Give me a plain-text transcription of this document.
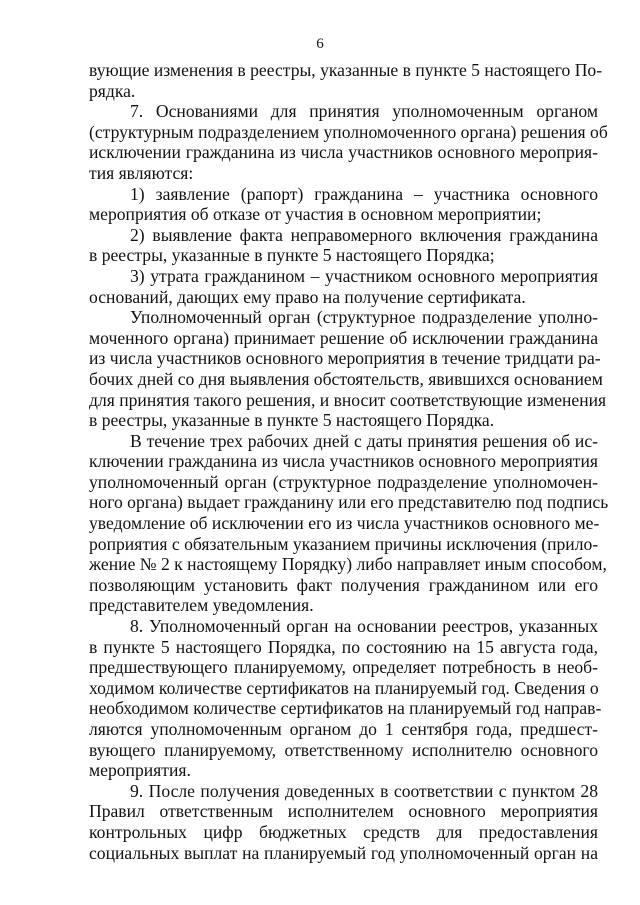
6
вующие изменения в реестры, указанные в пункте 5 настоящего По-
рядка.
7. Основаниями для принятия уполномоченным органом
(структурным подразделением уполномоченного органа) решения об
исключении гражданина из числа участников основного мероприя-
тия являются:
1) заявление (рапорт) гражданина – участника основного
мероприятия об отказе от участия в основном мероприятии;
2) выявление факта неправомерного включения гражданина
в реестры, указанные в пункте 5 настоящего Порядка;
3) утрата гражданином – участником основного мероприятия
оснований, дающих ему право на получение сертификата.
Уполномоченный орган (структурное подразделение уполно-
моченного органа) принимает решение об исключении гражданина
из числа участников основного мероприятия в течение тридцати ра-
бочих дней со дня выявления обстоятельств, явившихся основанием
для принятия такого решения, и вносит соответствующие изменения
в реестры, указанные в пункте 5 настоящего Порядка.
В течение трех рабочих дней с даты принятия решения об ис-
ключении гражданина из числа участников основного мероприятия
уполномоченный орган (структурное подразделение уполномочен-
ного органа) выдает гражданину или его представителю под подпись
уведомление об исключении его из числа участников основного ме-
роприятия с обязательным указанием причины исключения (прило-
жение № 2 к настоящему Порядку) либо направляет иным способом,
позволяющим установить факт получения гражданином или его
представителем уведомления.
8. Уполномоченный орган на основании реестров, указанных
в пункте 5 настоящего Порядка, по состоянию на 15 августа года,
предшествующего планируемому, определяет потребность в необ-
ходимом количестве сертификатов на планируемый год. Сведения о
необходимом количестве сертификатов на планируемый год направ-
ляются уполномоченным органом до 1 сентября года, предшест-
вующего планируемому, ответственному исполнителю основного
мероприятия.
9. После получения доведенных в соответствии с пунктом 28
Правил ответственным исполнителем основного мероприятия
контрольных цифр бюджетных средств для предоставления
социальных выплат на планируемый год уполномоченный орган на
